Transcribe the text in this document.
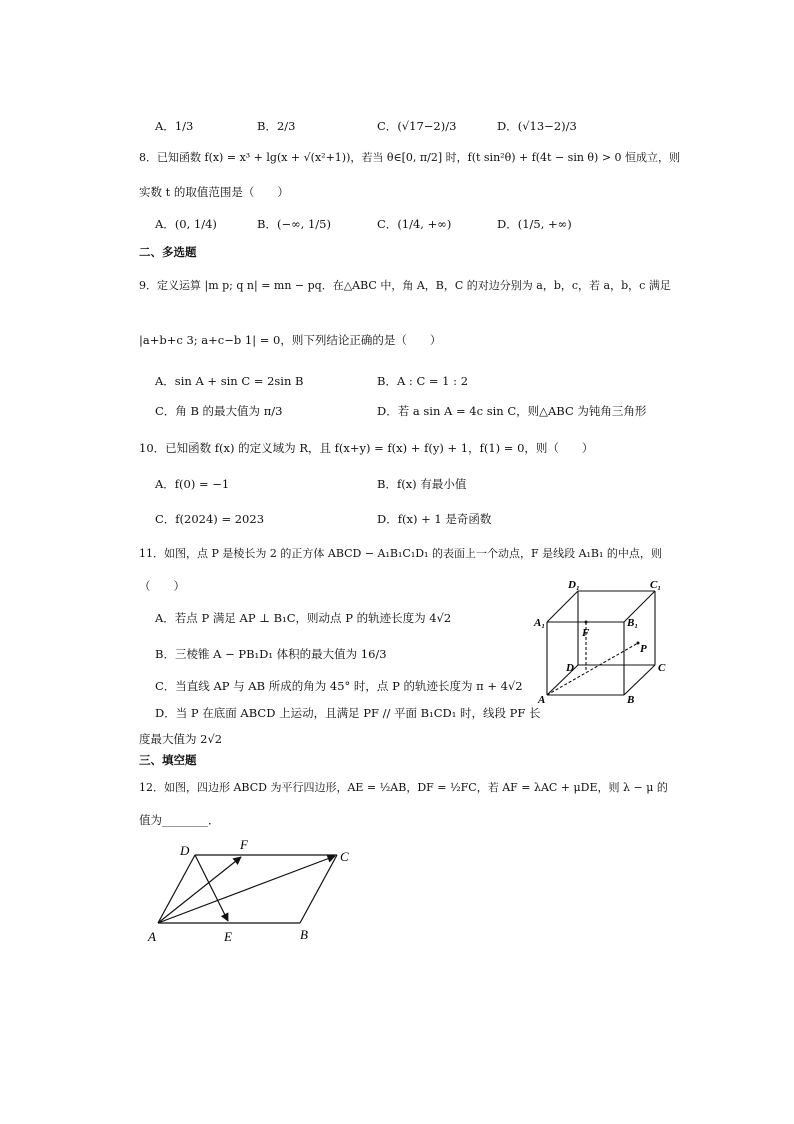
A．1/3	B．2/3	C．(√17−2)/3	D．(√13−2)/3
8．已知函数 f(x) = x³ + lg(x + √(x²+1))，若当 θ∈[0, π/2] 时，f(t sin²θ) + f(4t − sin θ) > 0 恒成立，则
实数 t 的取值范围是（　　）
A．(0, 1/4)	B．(−∞, 1/5)	C．(1/4, +∞)	D．(1/5, +∞)
二、多选题
9．定义运算 |m p; q n| = mn − pq．在△ABC 中，角 A，B，C 的对边分别为 a，b，c，若 a，b，c 满足
|a+b+c 3; a+c−b 1| = 0，则下列结论正确的是（　　）
A．sin A + sin C = 2sin B	B．A : C = 1 : 2
C．角 B 的最大值为 π/3	D．若 a sin A = 4c sin C，则△ABC 为钝角三角形
10．已知函数 f(x) 的定义域为 R，且 f(x+y) = f(x) + f(y) + 1，f(1) = 0，则（　　）
A．f(0) = −1	B．f(x) 有最小值
C．f(2024) = 2023	D．f(x) + 1 是奇函数
11．如图，点 P 是棱长为 2 的正方体 ABCD − A₁B₁C₁D₁ 的表面上一个动点，F 是线段 A₁B₁ 的中点，则
（　　）
A．若点 P 满足 AP ⊥ B₁C，则动点 P 的轨迹长度为 4√2
B．三棱锥 A − PB₁D₁ 体积的最大值为 16/3
C．当直线 AP 与 AB 所成的角为 45° 时，点 P 的轨迹长度为 π + 4√2
D．当 P 在底面 ABCD 上运动，且满足 PF // 平面 B₁CD₁ 时，线段 PF 长
度最大值为 2√2
D₁	C₁
A₁	B₁
F
P
D	C
A	B
三、填空题
12．如图，四边形 ABCD 为平行四边形，AE = ½AB，DF = ½FC，若 AF = λAC + μDE，则 λ − μ 的
值为________．
D	F
C
A	E	B
